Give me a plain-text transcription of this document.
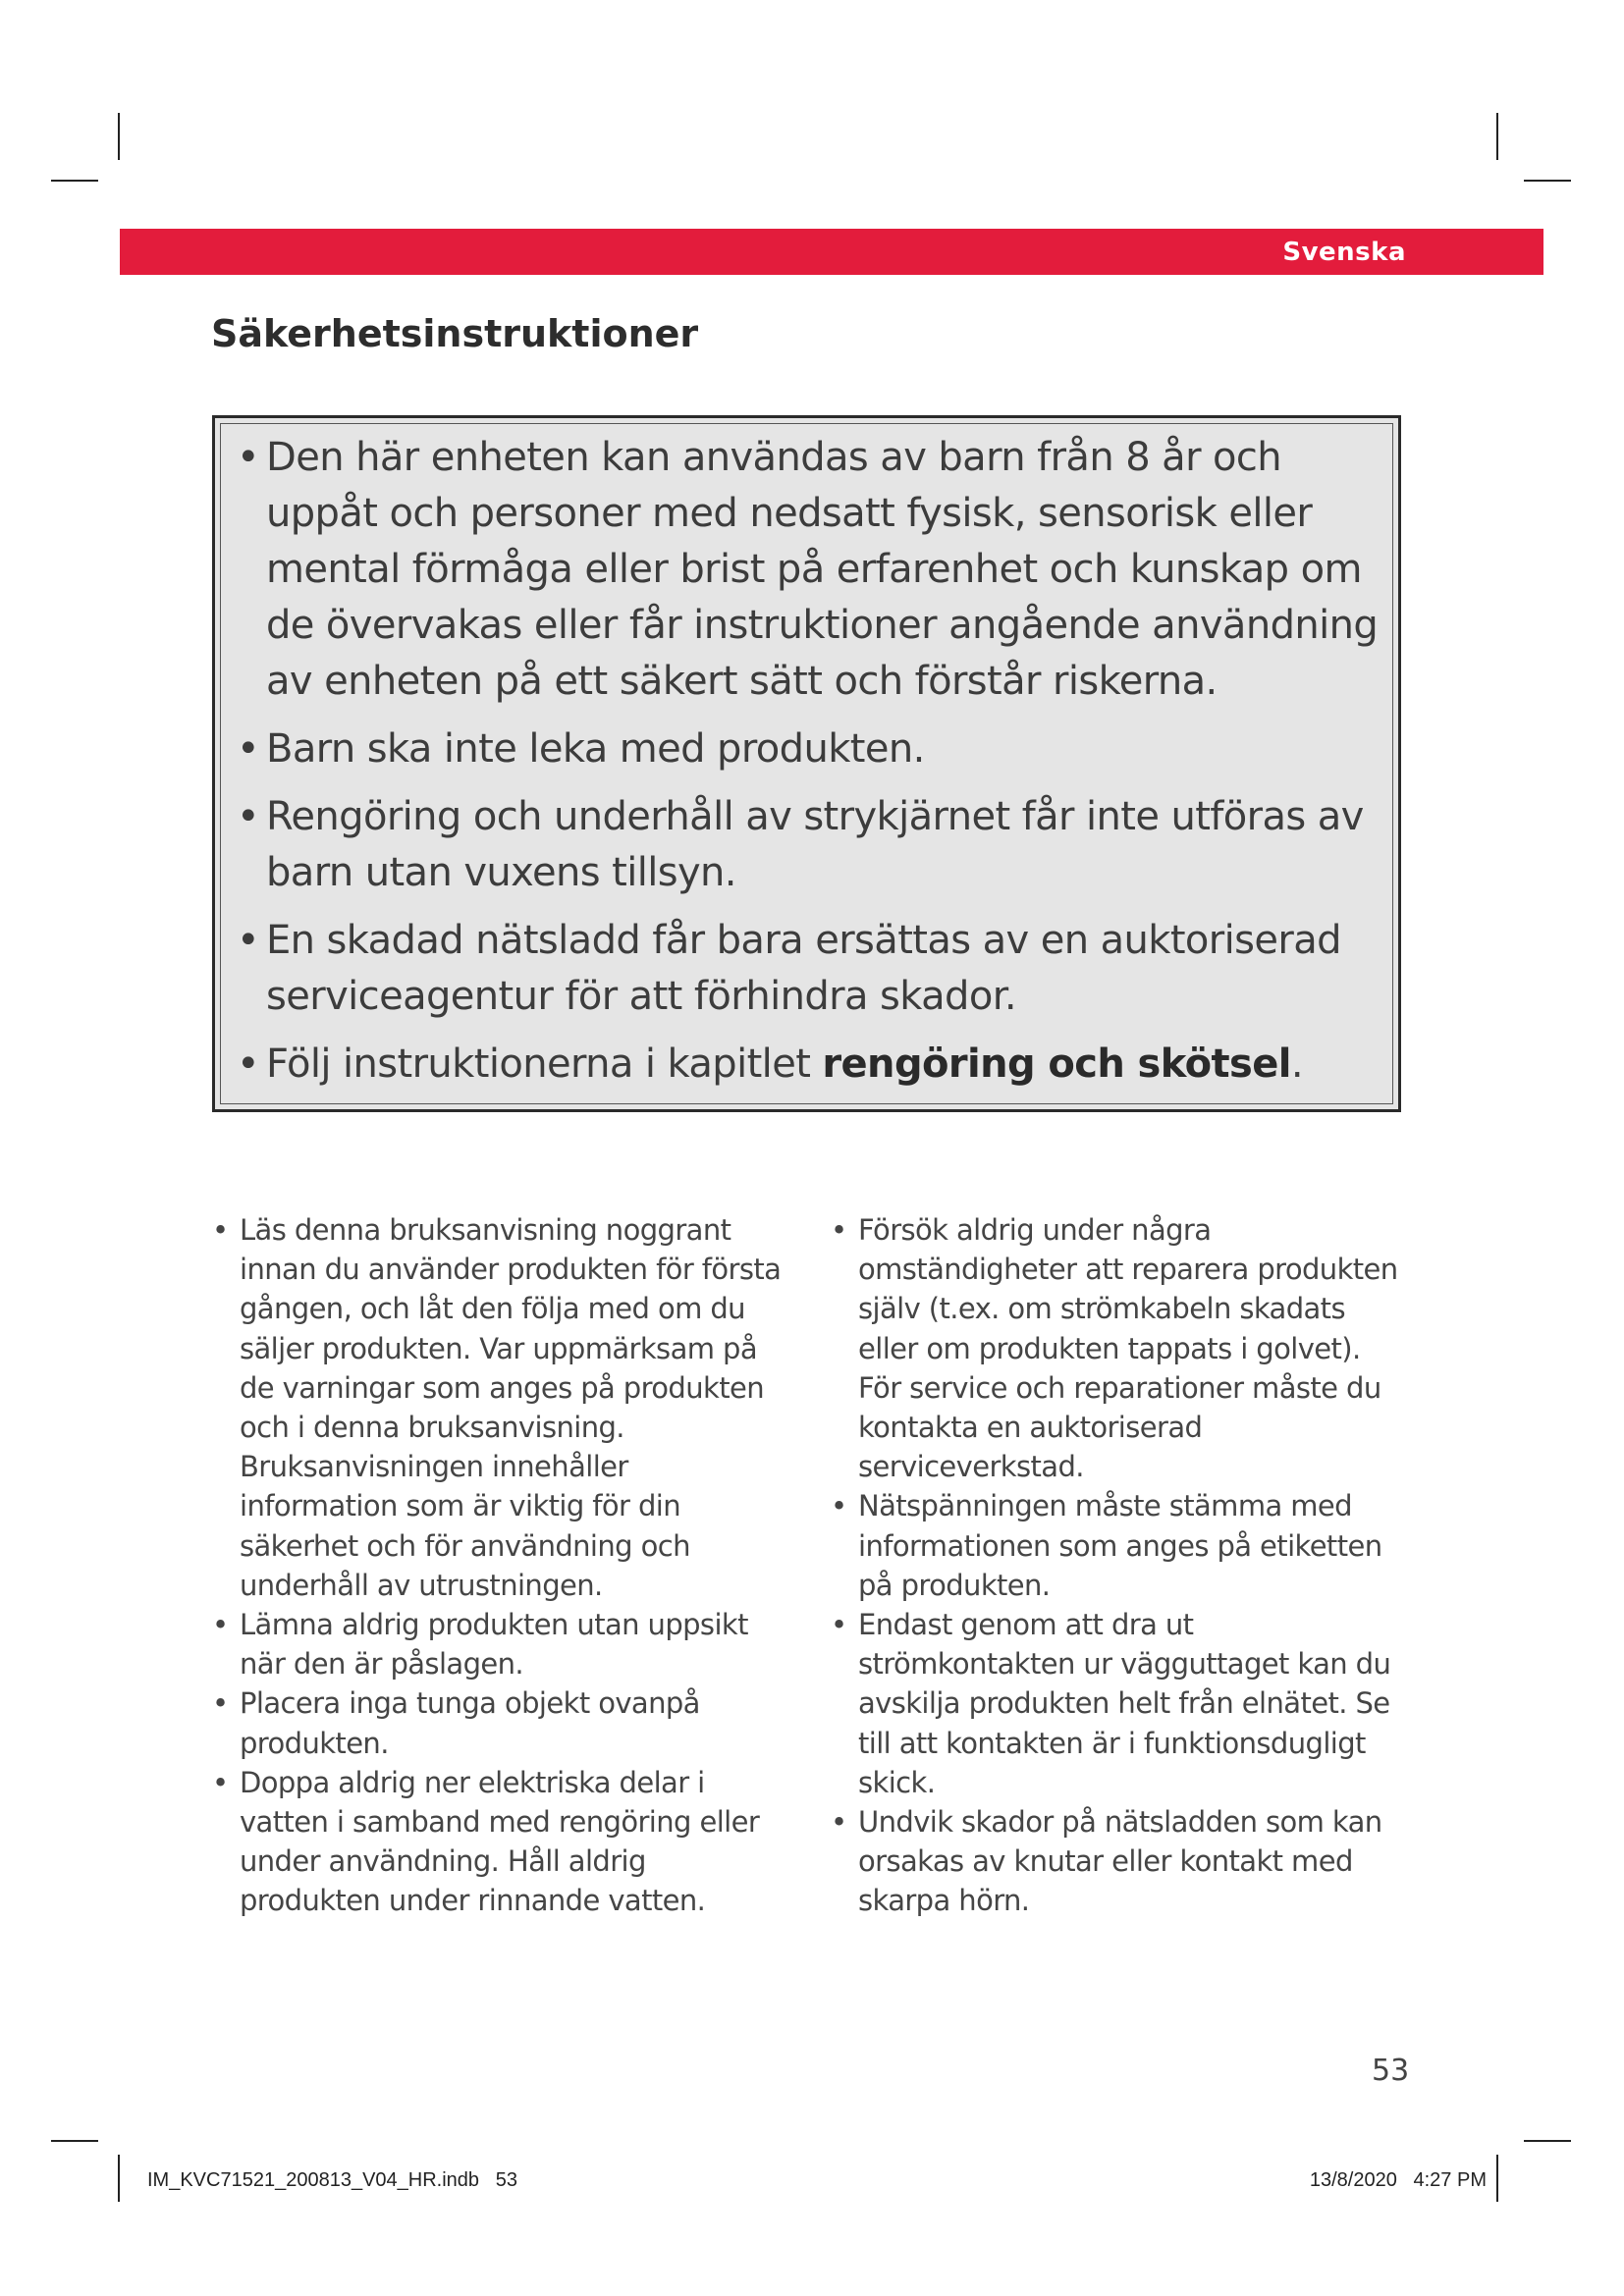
Svenska
Säkerhetsinstruktioner
• Den här enheten kan användas av barn från 8 år och uppåt och personer med nedsatt fysisk, sensorisk eller mental förmåga eller brist på erfarenhet och kunskap om de övervakas eller får instruktioner angående användning av enheten på ett säkert sätt och förstår riskerna.
• Barn ska inte leka med produkten.
• Rengöring och underhåll av strykjärnet får inte utföras av barn utan vuxens tillsyn.
• En skadad nätsladd får bara ersättas av en auktoriserad serviceagentur för att förhindra skador.
• Följ instruktionerna i kapitlet rengöring och skötsel.
• Läs denna bruksanvisning noggrant innan du använder produkten för första gången, och låt den följa med om du säljer produkten. Var uppmärksam på de varningar som anges på produkten och i denna bruksanvisning. Bruksanvisningen innehåller information som är viktig för din säkerhet och för användning och underhåll av utrustningen.
• Lämna aldrig produkten utan uppsikt när den är påslagen.
• Placera inga tunga objekt ovanpå produkten.
• Doppa aldrig ner elektriska delar i vatten i samband med rengöring eller under användning. Håll aldrig produkten under rinnande vatten.
• Försök aldrig under några omständigheter att reparera produkten själv (t.ex. om strömkabeln skadats eller om produkten tappats i golvet). För service och reparationer måste du kontakta en auktoriserad serviceverkstad.
• Nätspänningen måste stämma med informationen som anges på etiketten på produkten.
• Endast genom att dra ut strömkontakten ur vägguttaget kan du avskilja produkten helt från elnätet. Se till att kontakten är i funktionsdugligt skick.
• Undvik skador på nätsladden som kan orsakas av knutar eller kontakt med skarpa hörn.
53
IM_KVC71521_200813_V04_HR.indb   53	13/8/2020   4:27 PM
